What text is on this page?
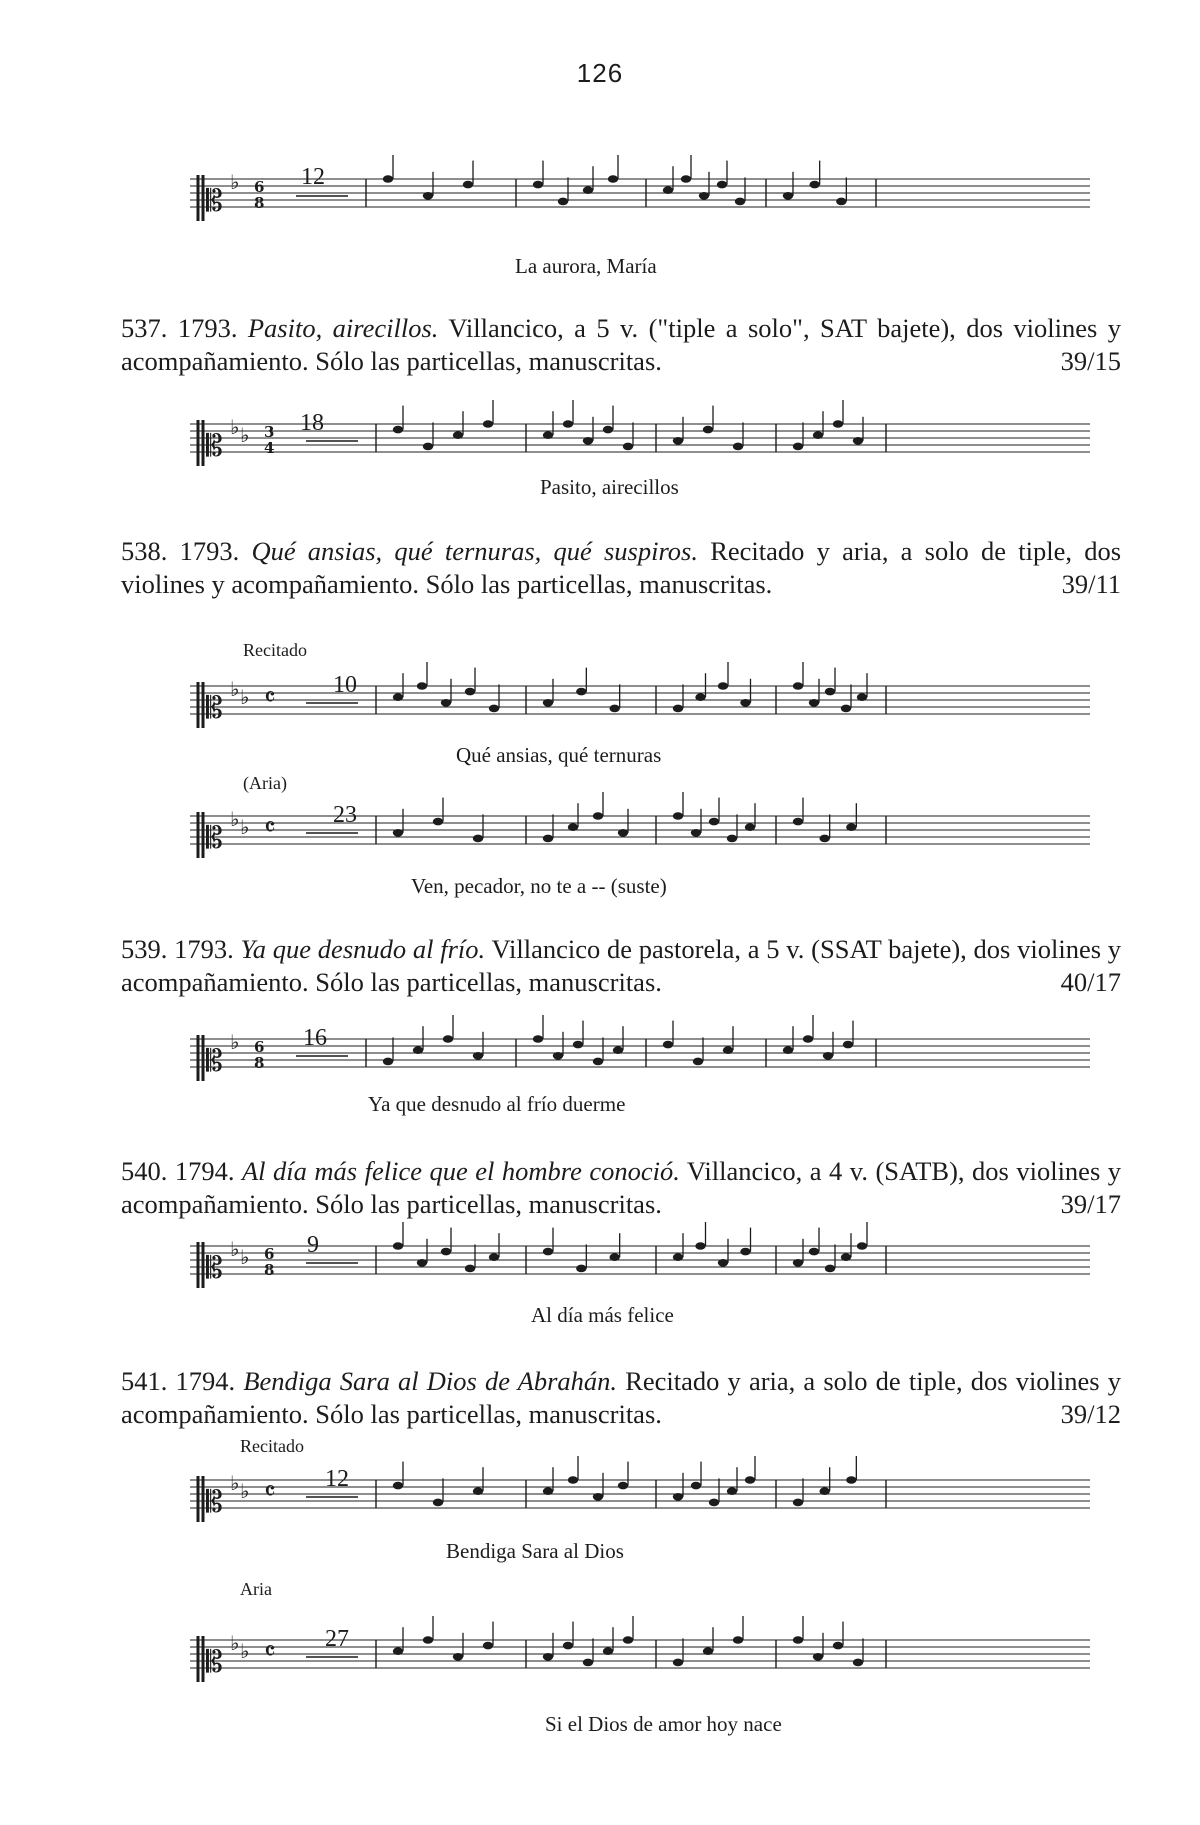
126
𝄡
♭ 6
8
12
La aurora, María
537. 1793. Pasito, airecillos. Villancico, a 5 v. ("tiple a solo", SAT bajete), dos violines y acompañamiento. Sólo las particellas, manuscritas.	39/15
𝄡
♭ ♭ 3
4
18
Pasito, airecillos
538. 1793. Qué ansias, qué ternuras, qué suspiros. Recitado y aria, a solo de tiple, dos violines y acompañamiento. Sólo las particellas, manuscritas.	39/11
Recitado
𝄡
♭ ♭ 𝄴 10
Qué ansias, qué ternuras
(Aria)
𝄡
♭ ♭ 𝄴 23
Ven, pecador, no te a -- (suste)
539. 1793. Ya que desnudo al frío. Villancico de pastorela, a 5 v. (SSAT bajete), dos violines y acompañamiento. Sólo las particellas, manuscritas.	40/17
𝄡
♭ 6
8
16
Ya que desnudo al frío duerme
540. 1794. Al día más felice que el hombre conoció. Villancico, a 4 v. (SATB), dos violines y acompañamiento. Sólo las particellas, manuscritas.	39/17
𝄡
♭ ♭ 6
8
9
Al día más felice
541. 1794. Bendiga Sara al Dios de Abrahán. Recitado y aria, a solo de tiple, dos violines y acompañamiento. Sólo las particellas, manuscritas.	39/12
Recitado
𝄡
♭ ♭ 𝄴 12
Bendiga Sara al Dios
Aria
𝄡
♭ ♭ 𝄴 27
Si el Dios de amor hoy nace
